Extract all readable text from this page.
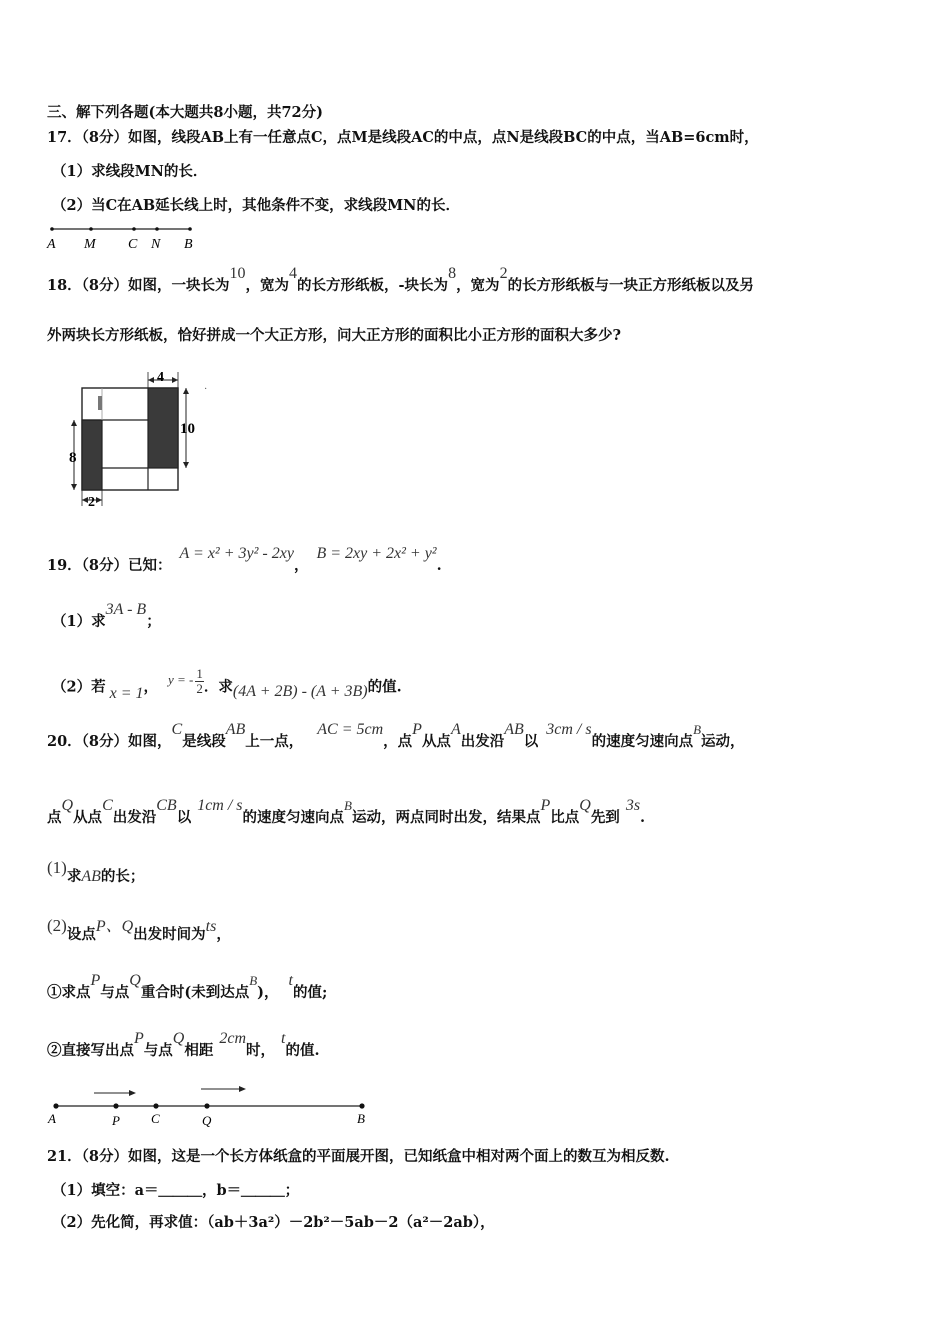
三、解下列各题(本大题共8小题，共72分)
17．（8分）如图，线段AB上有一任意点C，点M是线段AC的中点，点N是线段BC的中点，当AB=6cm时，
（1）求线段MN的长．
（2）当C在AB延长线上时，其他条件不变，求线段MN的长．
A M C N B
18．（8分）如图，一块长为10，宽为4的长方形纸板，-块长为8，宽为2的长方形纸板与一块正方形纸板以及另
外两块长方形纸板，恰好拼成一个大正方形，问大正方形的面积比小正方形的面积大多少?
4
10
·
8
2
19．（8分）已知：A = x² + 3y² - 2xy，B = 2xy + 2x² + y².
（1）求3A - B；
（2）若 x = 1， y = - $\frac{1}{2}$ ．求(4A + 2B) - (A + 3B)的值.
20．（8分）如图，C是线段AB上一点，AC = 5cm，点P从点A出发沿AB以3cm / s的速度匀速向点B运动，
点Q从点C出发沿CB以1cm / s的速度匀速向点B运动，两点同时出发，结果点P比点Q先到3s.
(1)求AB的长；
(2)设点P、Q出发时间为ts，
①求点P与点Q重合时(未到达点B)，t的值;
②直接写出点P与点Q相距2cm时，t的值.
A	P C	Q	B
21．（8分）如图，这是一个长方体纸盒的平面展开图，已知纸盒中相对两个面上的数互为相反数.
（1）填空：a＝＿＿＿，b＝＿＿＿；
（2）先化简，再求值：（ab＋3a²）－2b²－5ab－2（a²－2ab），
